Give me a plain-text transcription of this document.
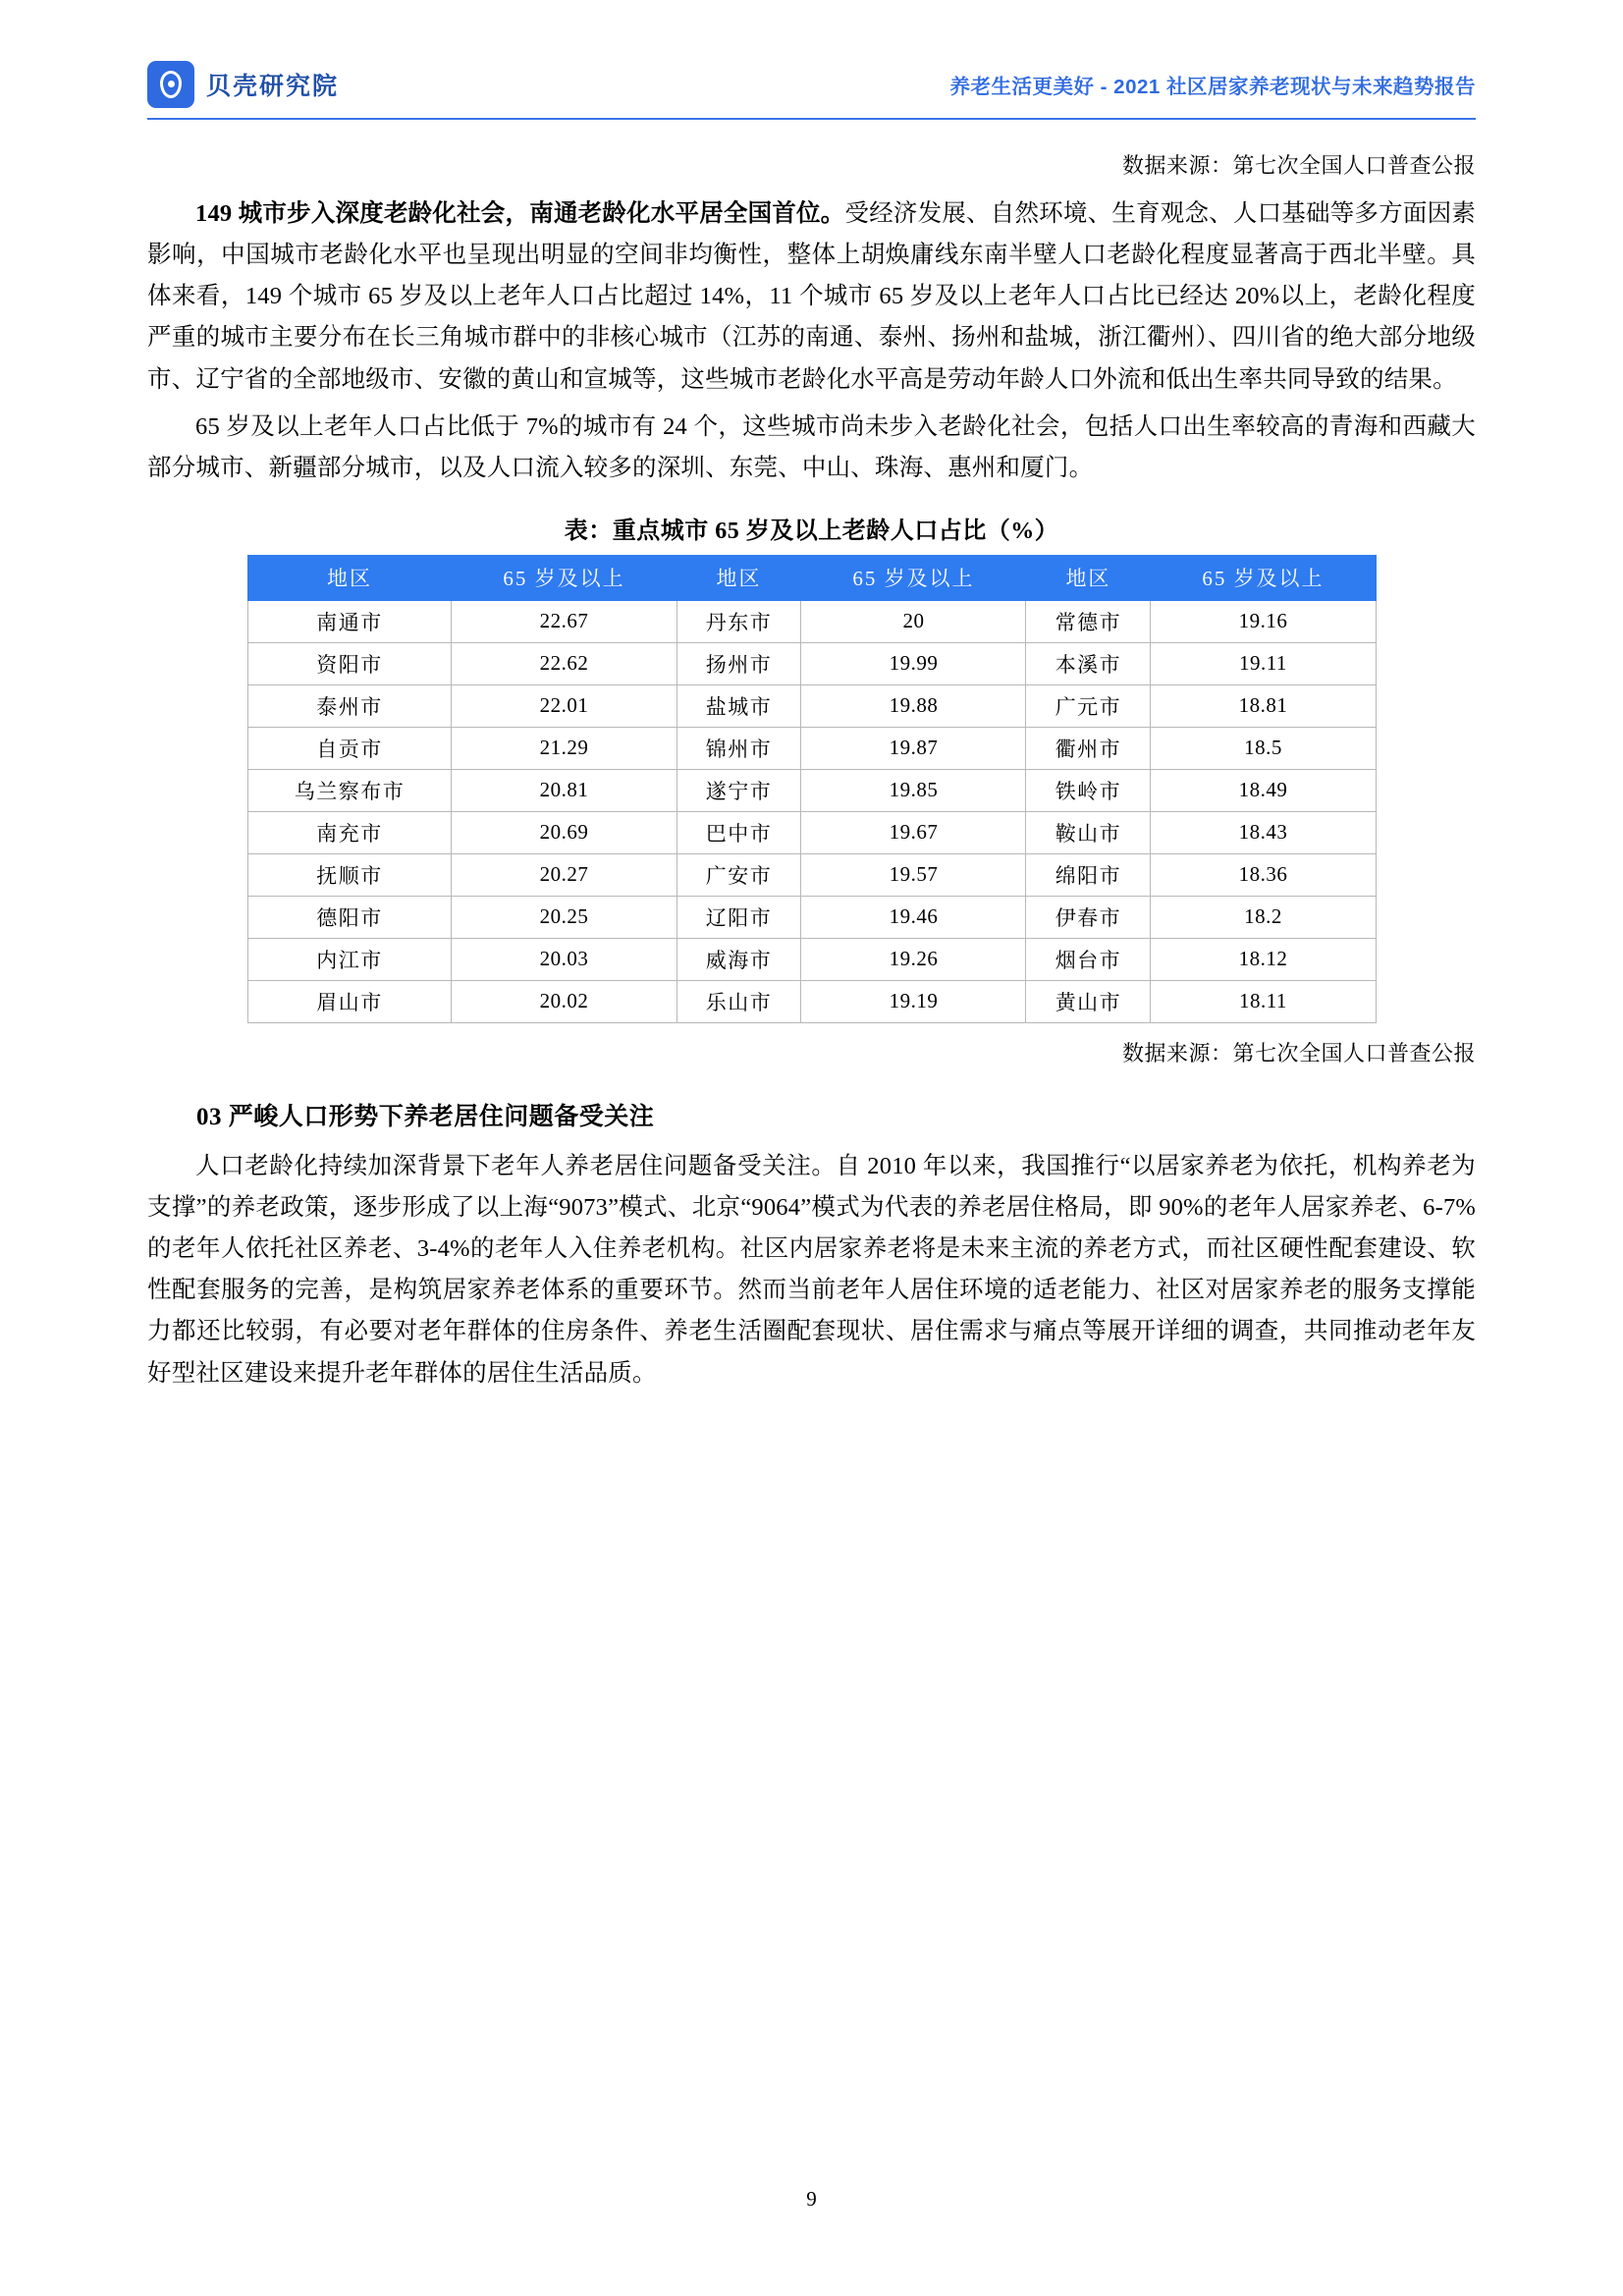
贝壳研究院	养老生活更美好 - 2021 社区居家养老现状与未来趋势报告
数据来源：第七次全国人口普查公报

149 城市步入深度老龄化社会，南通老龄化水平居全国首位。受经济发展、自然环境、生育观念、人口基础等多方面因素影响，中国城市老龄化水平也呈现出明显的空间非均衡性，整体上胡焕庸线东南半壁人口老龄化程度显著高于西北半壁。具体来看，149 个城市 65 岁及以上老年人口占比超过 14%，11 个城市 65 岁及以上老年人口占比已经达 20%以上，老龄化程度严重的城市主要分布在长三角城市群中的非核心城市（江苏的南通、泰州、扬州和盐城，浙江衢州）、四川省的绝大部分地级市、辽宁省的全部地级市、安徽的黄山和宣城等，这些城市老龄化水平高是劳动年龄人口外流和低出生率共同导致的结果。

65 岁及以上老年人口占比低于 7%的城市有 24 个，这些城市尚未步入老龄化社会，包括人口出生率较高的青海和西藏大部分城市、新疆部分城市，以及人口流入较多的深圳、东莞、中山、珠海、惠州和厦门。

表：重点城市 65 岁及以上老龄人口占比（%）
地区	65 岁及以上	地区	65 岁及以上	地区	65 岁及以上
南通市	22.67	丹东市	20	常德市	19.16
资阳市	22.62	扬州市	19.99	本溪市	19.11
泰州市	22.01	盐城市	19.88	广元市	18.81
自贡市	21.29	锦州市	19.87	衢州市	18.5
乌兰察布市	20.81	遂宁市	19.85	铁岭市	18.49
南充市	20.69	巴中市	19.67	鞍山市	18.43
抚顺市	20.27	广安市	19.57	绵阳市	18.36
德阳市	20.25	辽阳市	19.46	伊春市	18.2
内江市	20.03	威海市	19.26	烟台市	18.12
眉山市	20.02	乐山市	19.19	黄山市	18.11
数据来源：第七次全国人口普查公报
03 严峻人口形势下养老居住问题备受关注

人口老龄化持续加深背景下老年人养老居住问题备受关注。自 2010 年以来，我国推行“以居家养老为依托，机构养老为支撑”的养老政策，逐步形成了以上海“9073”模式、北京“9064”模式为代表的养老居住格局，即 90%的老年人居家养老、6-7%的老年人依托社区养老、3-4%的老年人入住养老机构。社区内居家养老将是未来主流的养老方式，而社区硬性配套建设、软性配套服务的完善，是构筑居家养老体系的重要环节。然而当前老年人居住环境的适老能力、社区对居家养老的服务支撑能力都还比较弱，有必要对老年群体的住房条件、养老生活圈配套现状、居住需求与痛点等展开详细的调查，共同推动老年友好型社区建设来提升老年群体的居住生活品质。

9
